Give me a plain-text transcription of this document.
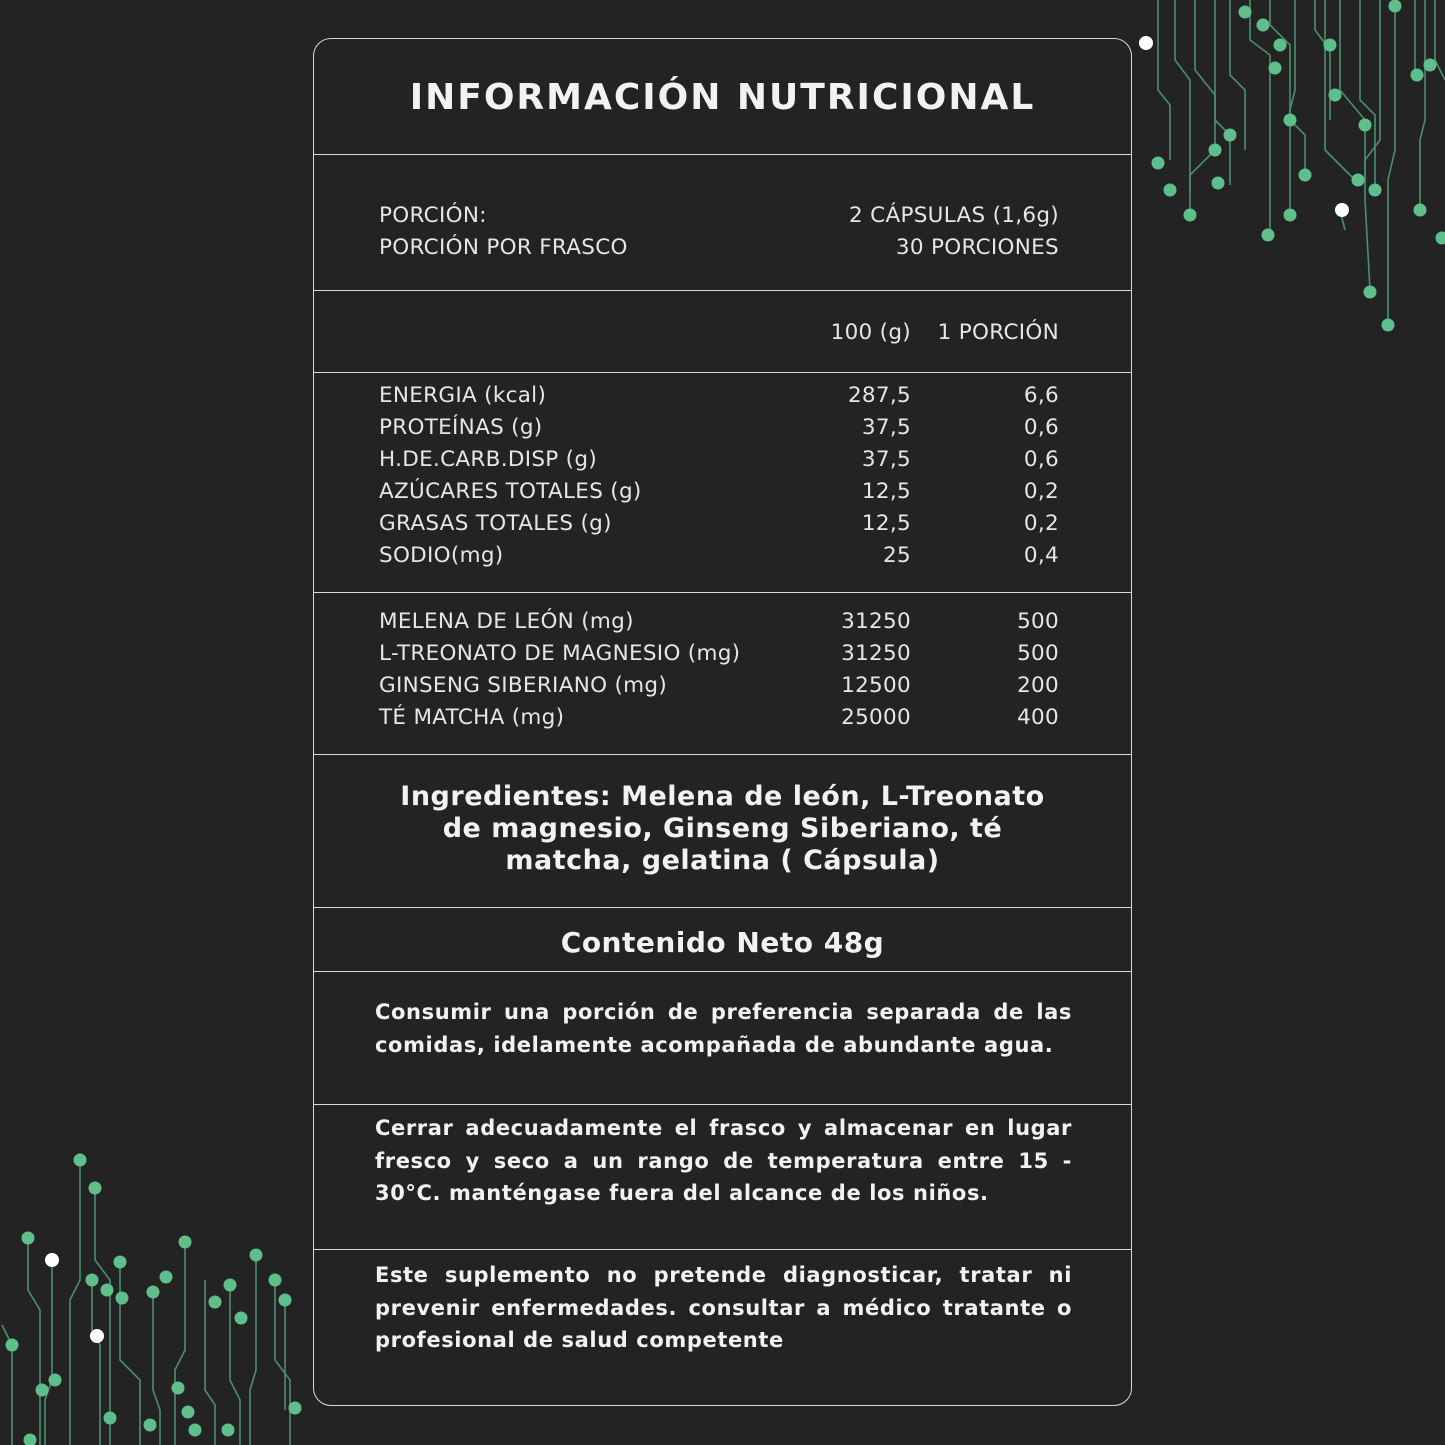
INFORMACIÓN NUTRICIONAL
PORCIÓN:	2 CÁPSULAS (1,6g)
PORCIÓN POR FRASCO	30 PORCIONES
100 (g) 1 PORCIÓN
ENERGIA (kcal)	287,5	6,6
PROTEÍNAS (g)	37,5	0,6
H.DE.CARB.DISP (g)	37,5	0,6
AZÚCARES TOTALES (g)	12,5	0,2
GRASAS TOTALES (g)	12,5	0,2
SODIO(mg)	25	0,4
MELENA DE LEÓN (mg)	31250	500
L-TREONATO DE MAGNESIO (mg)	31250	500
GINSENG SIBERIANO (mg)	12500	200
TÉ MATCHA (mg)	25000	400
Ingredientes: Melena de león, L-Treonato
de magnesio, Ginseng Siberiano, té
matcha, gelatina ( Cápsula)
Contenido Neto 48g
Consumir una porción de preferencia separada de las comidas, idelamente acompañada de abundante agua.
Cerrar adecuadamente el frasco y almacenar en lugar fresco y seco a un rango de temperatura entre 15 - 30°C. manténgase fuera del alcance de los niños.
Este suplemento no pretende diagnosticar, tratar ni prevenir enfermedades. consultar a médico tratante o profesional de salud competente
